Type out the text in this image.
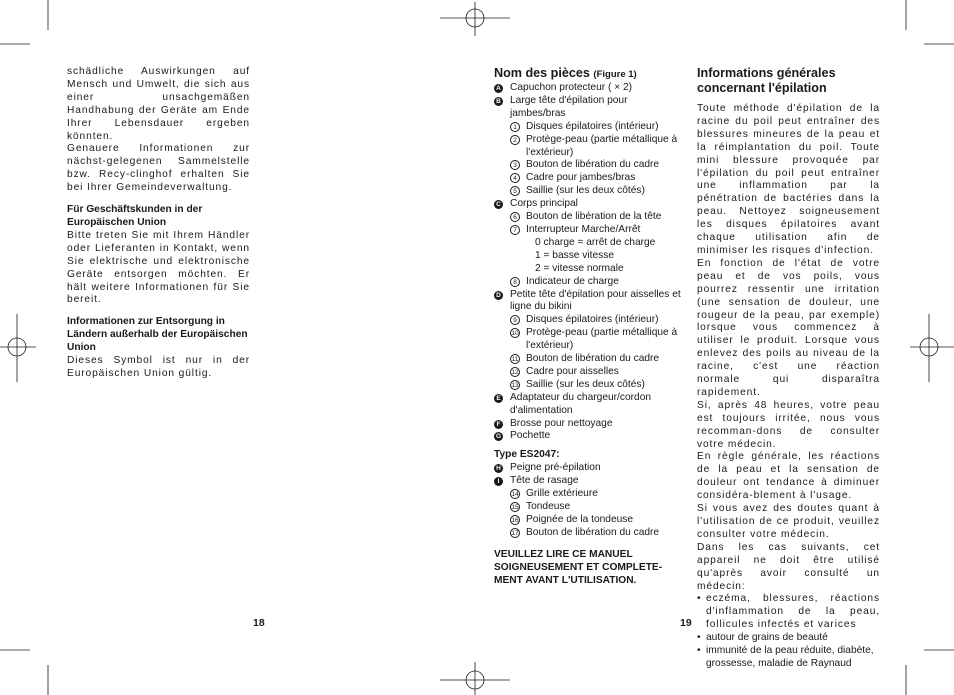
schädliche Auswirkungen auf Mensch und Umwelt, die sich aus einer unsachgemäßen Handhabung der Geräte am Ende Ihrer Lebensdauer ergeben könnten.

Genauere Informationen zur nächst-gelegenen Sammelstelle bzw. Recy-clinghof erhalten Sie bei Ihrer Gemeindeverwaltung.

Für Geschäftskunden in der Europäischen Union

Bitte treten Sie mit Ihrem Händler oder Lieferanten in Kontakt, wenn Sie elektrische und elektronische Geräte entsorgen möchten. Er hält weitere Informationen für Sie bereit.

Informationen zur Entsorgung in Ländern außerhalb der Europäischen Union

Dieses Symbol ist nur in der Europäischen Union gültig.

18

Nom des pièces (Figure 1)

A Capuchon protecteur ( × 2)
B Large tête d'épilation pour jambes/bras
1 Disques épilatoires (intérieur)
2 Protège-peau (partie métallique à l'extérieur)
3 Bouton de libération du cadre
4 Cadre pour jambes/bras
5 Saillie (sur les deux côtés)
C Corps principal
6 Bouton de libération de la tête
7 Interrupteur Marche/Arrêt
0 charge = arrêt de charge
1 = basse vitesse
2 = vitesse normale
8 Indicateur de charge
D Petite tête d'épilation pour aisselles et ligne du bikini
9 Disques épilatoires (intérieur)
10 Protège-peau (partie métallique à l'extérieur)
11 Bouton de libération du cadre
12 Cadre pour aisselles
13 Saillie (sur les deux côtés)
E Adaptateur du chargeur/cordon d'alimentation
F Brosse pour nettoyage
G Pochette

Type ES2047:

H Peigne pré-épilation
I	Tête de rasage
14 Grille extérieure
15 Tondeuse
16 Poignée de la tondeuse
17 Bouton de libération du cadre

VEUILLEZ LIRE CE MANUEL SOIGNEUSEMENT ET COMPLETE-MENT AVANT L'UTILISATION.

19

Informations générales concernant l'épilation

Toute méthode d'épilation de la racine du poil peut entraîner des blessures mineures de la peau et la réimplantation du poil. Toute mini blessure provoquée par l'épilation du poil peut entraîner une inflammation par la pénétration de bactéries dans la peau. Nettoyez soigneusement les disques épilatoires avant chaque utilisation afin de minimiser les risques d'infection.

En fonction de l'état de votre peau et de vos poils, vous pourrez ressentir une irritation (une sensation de douleur, une rougeur de la peau, par exemple) lorsque vous commencez à utiliser le produit. Lorsque vous enlevez des poils au niveau de la racine, c'est une réaction normale qui disparaîtra rapidement.

Si, après 48 heures, votre peau est toujours irritée, nous vous recomman-dons de consulter votre médecin.

En règle générale, les réactions de la peau et la sensation de douleur ont tendance à diminuer considéra-blement à l'usage.

Si vous avez des doutes quant à l'utilisation de ce produit, veuillez consulter votre médecin.

Dans les cas suivants, cet appareil ne doit être utilisé qu'après avoir consulté un médecin:

• eczéma, blessures, réactions d'inflammation de la peau, follicules infectés et varices
• autour de grains de beauté
• immunité de la peau réduite, diabète, grossesse, maladie de Raynaud
